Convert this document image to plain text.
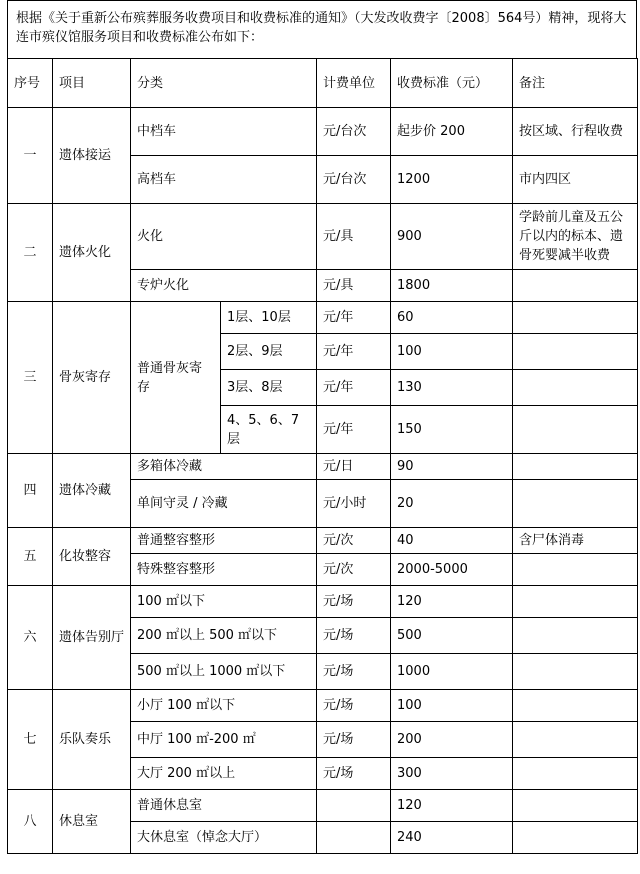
根据《关于重新公布殡葬服务收费项目和收费标准的通知》（大发改收费字〔2008〕564号）精神，现将大连市殡仪馆服务项目和收费标准公布如下：

序号	项目	分类		计费单位	收费标准（元）	备注
一	遗体接运	中档车		元/台次	起步价 200	按区域、行程收费
		高档车		元/台次	1200	市内四区
二	遗体火化	火化		元/具	900	学龄前儿童及五公斤以内的标本、遗骨死婴减半收费
		专炉火化		元/具	1800	
三	骨灰寄存	普通骨灰寄存	1层、10层	元/年	60	
			2层、9层	元/年	100	
			3层、8层	元/年	130	
			4、5、6、7层	元/年	150	
四	遗体冷藏	多箱体冷藏		元/日	90	
		单间守灵 / 冷藏		元/小时	20	
五	化妆整容	普通整容整形		元/次	40	含尸体消毒
		特殊整容整形		元/次	2000-5000	
六	遗体告别厅	100 ㎡以下		元/场	120	
		200 ㎡以上 500 ㎡以下		元/场	500	
		500 ㎡以上 1000 ㎡以下		元/场	1000	
七	乐队奏乐	小厅 100 ㎡以下		元/场	100	
		中厅 100 ㎡-200 ㎡		元/场	200	
		大厅 200 ㎡以上		元/场	300	
八	休息室	普通休息室			120	
		大休息室（悼念大厅）			240	
